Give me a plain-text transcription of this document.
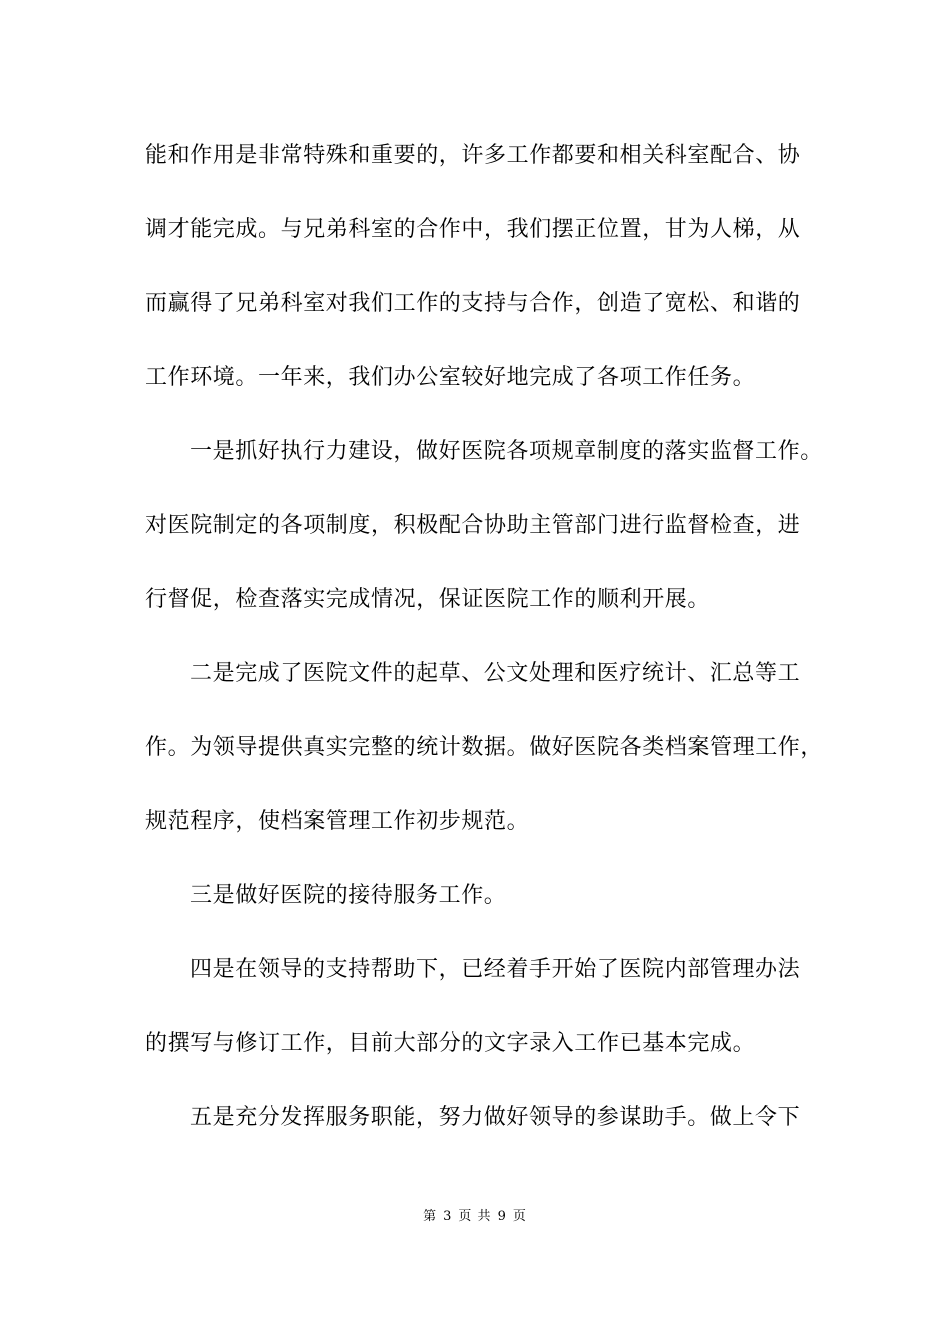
能和作用是非常特殊和重要的，许多工作都要和相关科室配合、协
调才能完成。与兄弟科室的合作中，我们摆正位置，甘为人梯，从
而赢得了兄弟科室对我们工作的支持与合作，创造了宽松、和谐的
工作环境。一年来，我们办公室较好地完成了各项工作任务。
一是抓好执行力建设，做好医院各项规章制度的落实监督工作。
对医院制定的各项制度，积极配合协助主管部门进行监督检查，进
行督促，检查落实完成情况，保证医院工作的顺利开展。
二是完成了医院文件的起草、公文处理和医疗统计、汇总等工
作。为领导提供真实完整的统计数据。做好医院各类档案管理工作，
规范程序，使档案管理工作初步规范。
三是做好医院的接待服务工作。
四是在领导的支持帮助下，已经着手开始了医院内部管理办法
的撰写与修订工作，目前大部分的文字录入工作已基本完成。
五是充分发挥服务职能，努力做好领导的参谋助手。做上令下
第 3 页 共 9 页
